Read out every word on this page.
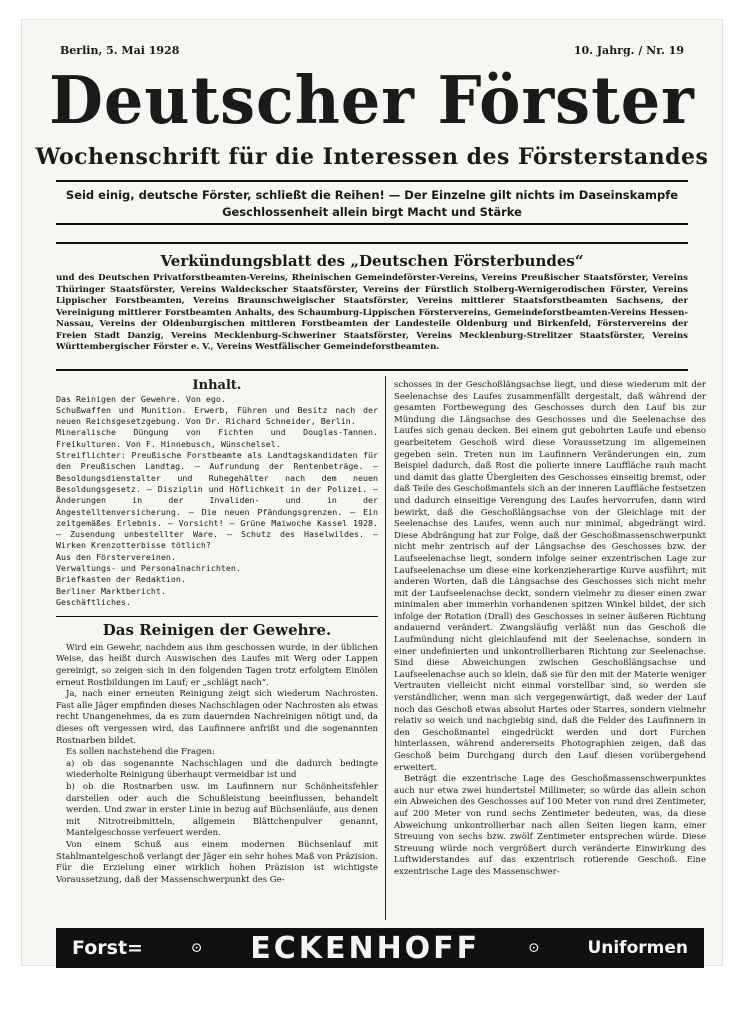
Berlin, 5. Mai 1928	10. Jahrg. / Nr. 19
Deutscher Förster
Wochenschrift für die Interessen des Försterstandes
Seid einig, deutsche Förster, schließt die Reihen! — Der Einzelne gilt nichts im Daseinskampfe
Geschlossenheit allein birgt Macht und Stärke
Verkündungsblatt des „Deutschen Försterbundes“
und des Deutschen Privatforstbeamten-Vereins, Rheinischen Gemeindeförster-Vereins, Vereins Preußischer Staatsförster, Vereins Thüringer Staatsförster, Vereins Waldeckscher Staatsförster, Vereins der Fürstlich Stolberg-Wernigerodischen Förster, Vereins Lippischer Forstbeamten, Vereins Braunschweigischer Staatsförster, Vereins mittlerer Staatsforstbeamten Sachsens, der Vereinigung mittlerer Forstbeamten Anhalts, des Schaumburg-Lippischen Förstervereins, Gemeindeforstbeamten-Vereins Hessen-Nassau, Vereins der Oldenburgischen mittleren Forstbeamten der Landesteile Oldenburg und Birkenfeld, Förstervereins der Freien Stadt Danzig, Vereins Mecklenburg-Schweriner Staatsförster, Vereins Mecklenburg-Strelitzer Staatsförster, Vereins Württembergischer Förster e. V., Vereins Westfälischer Gemeindeforstbeamten.
Inhalt.

Das Reinigen der Gewehre. Von ego.

Schußwaffen und Munition. Erwerb, Führen und Besitz nach der neuen Reichsgesetzgebung. Von Dr. Richard Schneider, Berlin.

Mineralische Düngung von Fichten und Douglas-Tannen. Freikulturen. Von F. Hinnebusch, Wünschelsel.

Streiflichter: Preußische Forstbeamte als Landtagskandidaten für den Preußischen Landtag. — Aufrundung der Rentenbeträge. —Besoldungsdienstalter und Ruhegehälter nach dem neuen Besoldungsgesetz. — Disziplin und Höflichkeit in der Polizei. — Änderungen in der Invaliden- und in der Angestelltenversicherung. — Die neuen Pfändungsgrenzen. — Ein zeitgemäßes Erlebnis. — Vorsicht! — Grüne Maiwoche Kassel 1928. — Zusendung unbestellter Ware. — Schutz des Haselwildes. — Wirken Krenzotterbisse tötlich?

Aus den Förstervereinen.

Verwaltungs- und Personalnachrichten.

Briefkasten der Redaktion.

Berliner Marktbericht.

Geschäftliches.

Das Reinigen der Gewehre.

Wird ein Gewehr, nachdem aus ihm geschossen wurde, in der üblichen Weise, das heißt durch Auswischen des Laufes mit Werg oder Lappen gereinigt, so zeigen sich in den folgenden Tagen trotz erfolgtem Einölen erneut Rostbildungen im Lauf; er „schlägt nach“.

Ja, nach einer erneuten Reinigung zeigt sich wiederum Nachrosten. Fast alle Jäger empfinden dieses Nachschlagen oder Nachrosten als etwas recht Unangenehmes, da es zum dauernden Nachreinigen nötigt und, da dieses oft vergessen wird, das Laufinnere anfrißt und die sogenannten Rostnarben bildet.

Es sollen nachstehend die Fragen:

a) ob das sogenannte Nachschlagen und die dadurch bedingte wiederholte Reinigung überhaupt vermeidbar ist und

b) ob die Rostnarben usw. im Laufinnern nur Schönheitsfehler darstellen oder auch die Schußleistung beeinflussen, behandelt werden. Und zwar in erster Linie in bezug auf Büchsenläufe, aus denen mit Nitrotreibmitteln, allgemein Blättchenpulver genannt, Mantelgeschosse verfeuert werden.

Von einem Schuß aus einem modernen Büchsenlauf mit Stahlmantelgeschoß verlangt der Jäger ein sehr hohes Maß von Präzision. Für die Erzielung einer wirklich hohen Präzision ist wichtigste Voraussetzung, daß der Massenschwerpunkt des Ge-

schosses in der Geschoßlängsachse liegt, und diese wiederum mit der Seelenachse des Laufes zusammenfällt dergestalt, daß während der gesamten Fortbewegung des Geschosses durch den Lauf bis zur Mündung die Längsachse des Geschosses und die Seelenachse des Laufes sich genau decken. Bei einem gut gebohrten Laufe und ebenso gearbeitetem Geschoß wird diese Voraussetzung im allgemeinen gegeben sein. Treten nun im Laufinnern Veränderungen ein, zum Beispiel dadurch, daß Rost die polierte innere Lauffläche rauh macht und damit das glatte Übergleiten des Geschosses einseitig bremst, oder daß Teile des Geschoßmantels sich an der inneren Lauffläche festsetzen und dadurch einseitige Verengung des Laufes hervorrufen, dann wird bewirkt, daß die Geschoßlängsachse von der Gleichlage mit der Seelenachse des Laufes, wenn auch nur minimal, abgedrängt wird. Diese Abdrängung hat zur Folge, daß der Geschoßmassenschwerpunkt nicht mehr zentrisch auf der Längsachse des Geschosses bzw. der Laufseelenachse liegt, sondern infolge seiner exzentrischen Lage zur Laufseelenachse um diese eine korkenzieherartige Kurve ausführt; mit anderen Worten, daß die Längsachse des Geschosses sich nicht mehr mit der Laufseelenachse deckt, sondern vielmehr zu dieser einen zwar minimalen aber immerhin vorhandenen spitzen Winkel bildet, der sich infolge der Rotation (Drall) des Geschosses in seiner äußeren Richtung andauernd verändert. Zwangsläufig verläßt nun das Geschoß die Laufmündung nicht gleichlaufend mit der Seelenachse, sondern in einer undefinierten und unkontrollierbaren Richtung zur Seelenachse. Sind diese Abweichungen zwischen Geschoßlängsachse und Laufseelenachse auch so klein, daß sie für den mit der Materie weniger Vertrauten vielleicht nicht einmal vorstellbar sind, so werden sie verständlicher, wenn man sich vergegenwärtigt, daß weder der Lauf noch das Geschoß etwas absolut Hartes oder Starres, sondern vielmehr relativ so weich und nachgiebig sind, daß die Felder des Laufinnern in den Geschoßmantel eingedrückt werden und dort Furchen hinterlassen, während andererseits Photographien zeigen, daß das Geschoß beim Durchgang durch den Lauf diesen vorübergehend erweitert.

Beträgt die exzentrische Lage des Geschoßmassenschwerpunktes auch nur etwa zwei hundertstel Millimeter, so würde das allein schon ein Abweichen des Geschosses auf 100 Meter von rund drei Zentimeter, auf 200 Meter von rund sechs Zentimeter bedeuten, was, da diese Abweichung unkontrollierbar nach allen Seiten liegen kann, einer Streuung von sechs bzw. zwölf Zentimeter entsprechen würde. Diese Streuung würde noch vergrößert durch veränderte Einwirkung des Luftwiderstandes auf das exzentrisch rotierende Geschoß. Eine exzentrische Lage des Massenschwer-

Forst=	⊙ ECKENHOFF	⊙	Uniformen
